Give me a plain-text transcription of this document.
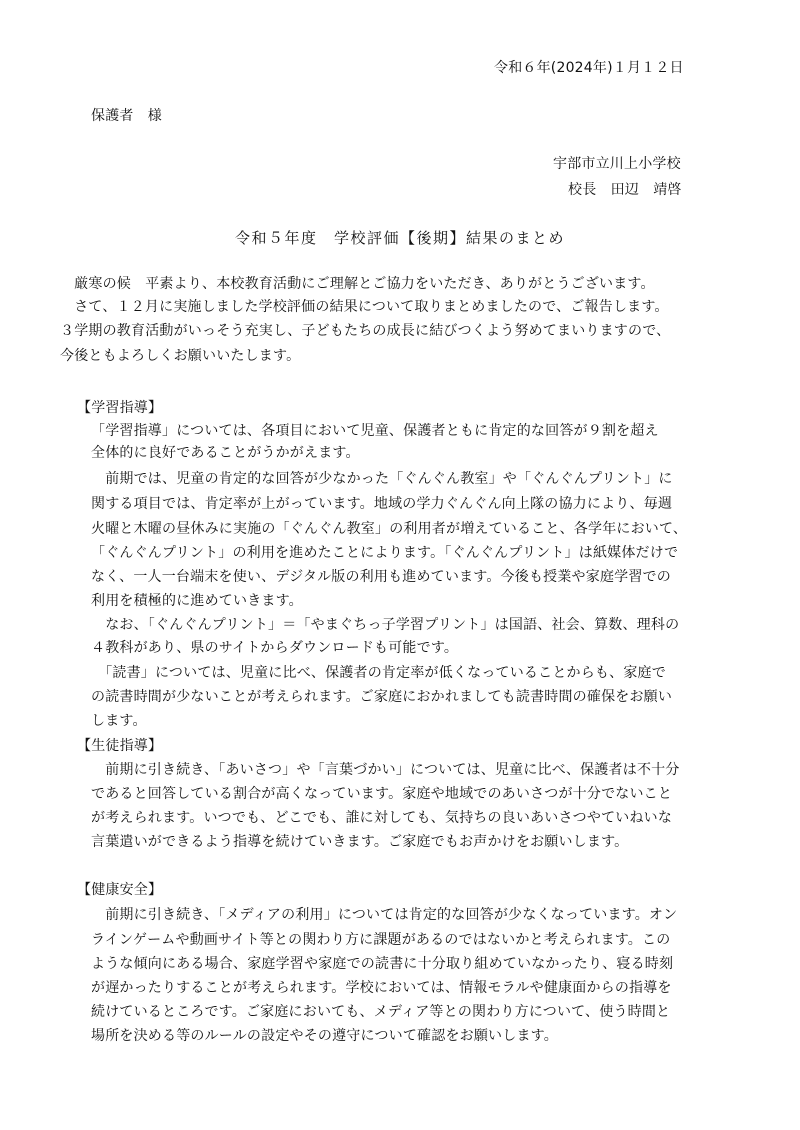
令和６年(2024年)１月１２日
保護者　様
宇部市立川上小学校
校長　田辺　靖啓
令和５年度　学校評価【後期】結果のまとめ
　厳寒の候　平素より、本校教育活動にご理解とご協力をいただき、ありがとうございます。
　さて、１２月に実施しました学校評価の結果について取りまとめましたので、ご報告します。
３学期の教育活動がいっそう充実し、子どもたちの成長に結びつくよう努めてまいりますので、
今後ともよろしくお願いいたします。
【学習指導】
「学習指導」については、各項目において児童、保護者ともに肯定的な回答が９割を超え
全体的に良好であることがうかがえます。
　前期では、児童の肯定的な回答が少なかった「ぐんぐん教室」や「ぐんぐんプリント」に
関する項目では、肯定率が上がっています。地域の学力ぐんぐん向上隊の協力により、毎週
火曜と木曜の昼休みに実施の「ぐんぐん教室」の利用者が増えていること、各学年において、
「ぐんぐんプリント」の利用を進めたことによります。「ぐんぐんプリント」は紙媒体だけで
なく、一人一台端末を使い、デジタル版の利用も進めています。今後も授業や家庭学習での
利用を積極的に進めていきます。
　なお、「ぐんぐんプリント」＝「やまぐちっ子学習プリント」は国語、社会、算数、理科の
４教科があり、県のサイトからダウンロードも可能です。
　「読書」については、児童に比べ、保護者の肯定率が低くなっていることからも、家庭で
の読書時間が少ないことが考えられます。ご家庭におかれましても読書時間の確保をお願い
します。
【生徒指導】
　前期に引き続き、「あいさつ」や「言葉づかい」については、児童に比べ、保護者は不十分
であると回答している割合が高くなっています。家庭や地域でのあいさつが十分でないこと
が考えられます。いつでも、どこでも、誰に対しても、気持ちの良いあいさつやていねいな
言葉遣いができるよう指導を続けていきます。ご家庭でもお声かけをお願いします。
【健康安全】
　前期に引き続き、「メディアの利用」については肯定的な回答が少なくなっています。オン
ラインゲームや動画サイト等との関わり方に課題があるのではないかと考えられます。この
ような傾向にある場合、家庭学習や家庭での読書に十分取り組めていなかったり、寝る時刻
が遅かったりすることが考えられます。学校においては、情報モラルや健康面からの指導を
続けているところです。ご家庭においても、メディア等との関わり方について、使う時間と
場所を決める等のルールの設定やその遵守について確認をお願いします。
